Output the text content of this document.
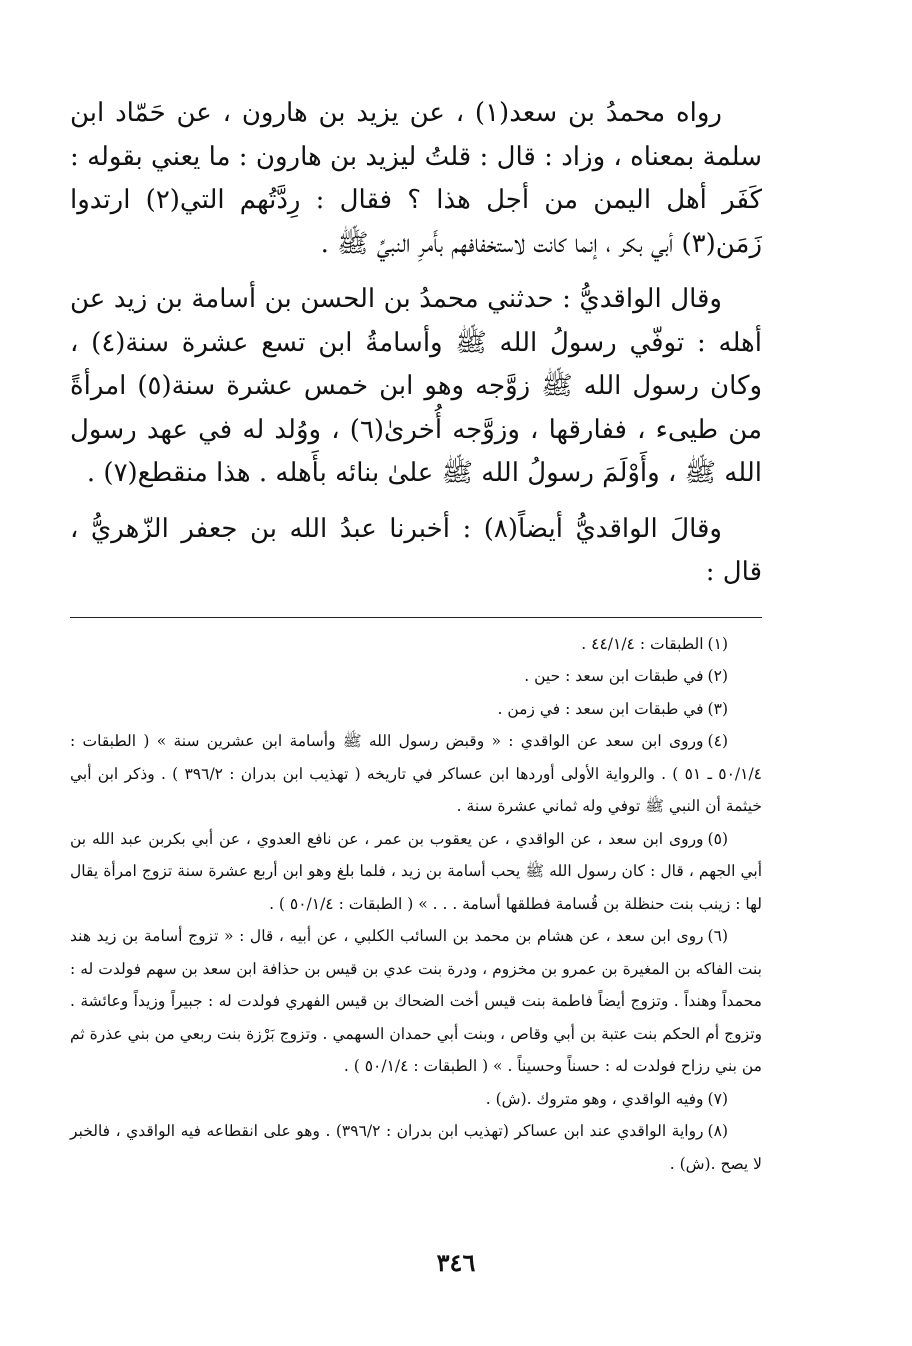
رواه محمدُ بن سعد(١) ، عن يزيد بن هارون ، عن حَمّاد ابن سلمة بمعناه ، وزاد : قال : قلتُ ليزيد بن هارون : ما يعني بقوله : كَفَر أهل اليمن من أجل هذا ؟ فقال : رِدَّتُهم التي(٢) ارتدوا زَمَن(٣) أبي بكر ، إنما كانت لاستخفافهم بأَمرِ النبيِّ ﷺ .

وقال الواقديُّ : حدثني محمدُ بن الحسن بن أسامة بن زيد عن أهله : توفّي رسولُ الله ﷺ وأسامةُ ابن تسع عشرة سنة(٤) ، وكان رسول الله ﷺ زوَّجه وهو ابن خمس عشرة سنة(٥) امرأةً من طيىء ، ففارقها ، وزوَّجه أُخرىٰ(٦) ، ووُلد له في عهد رسول الله ﷺ ، وأَوْلَمَ رسولُ الله ﷺ علىٰ بنائه بأَهله . هذا منقطع(٧) .

وقالَ الواقديُّ أيضاً(٨) : أخبرنا عبدُ الله بن جعفر الزّهريُّ ، قال :

(١)الطبقات : ٤٤/١/٤ .

(٢)في طبقات ابن سعد : حين .

(٣)في طبقات ابن سعد : في زمن .

(٤)وروى ابن سعد عن الواقدي : « وقبض رسول الله ﷺ وأسامة ابن عشرين سنة » ( الطبقات : ٥٠/١/٤ ـ ٥١ ) . والرواية الأولى أوردها ابن عساكر في تاريخه ( تهذيب ابن بدران : ٣٩٦/٢ ) . وذكر ابن أبي خيثمة أن النبي ﷺ توفي وله ثماني عشرة سنة .

(٥)وروى ابن سعد ، عن الواقدي ، عن يعقوب بن عمر ، عن نافع العدوي ، عن أبي بكربن عبد الله بن أبي الجهم ، قال : كان رسول الله ﷺ يحب أسامة بن زيد ، فلما بلغ وهو ابن أربع عشرة سنة تزوج امرأة يقال لها : زينب بنت حنظلة بن قُسامة فطلقها أسامة . . . » ( الطبقات : ٥٠/١/٤ ) .

(٦)روى ابن سعد ، عن هشام بن محمد بن السائب الكلبي ، عن أبيه ، قال : « تزوج أسامة بن زيد هند بنت الفاكه بن المغيرة بن عمرو بن مخزوم ، ودرة بنت عدي بن قيس بن حذافة ابن سعد بن سهم فولدت له : محمداً وهنداً . وتزوج أيضاً فاطمة بنت قيس أخت الضحاك بن قيس الفهري فولدت له : جبيراً وزيداً وعائشة . وتزوج أم الحكم بنت عتبة بن أبي وقاص ، وبنت أبي حمدان السهمي . وتزوج بَرْزة بنت ربعي من بني عذرة ثم من بني رزاح فولدت له : حسناً وحسيناً . » ( الطبقات : ٥٠/١/٤ ) .

(٧)وفيه الواقدي ، وهو متروك .(ش) .

(٨)رواية الواقدي عند ابن عساكر (تهذيب ابن بدران : ٣٩٦/٢) . وهو على انقطاعه فيه الواقدي ، فالخبر لا يصح .(ش) .

٣٤٦
